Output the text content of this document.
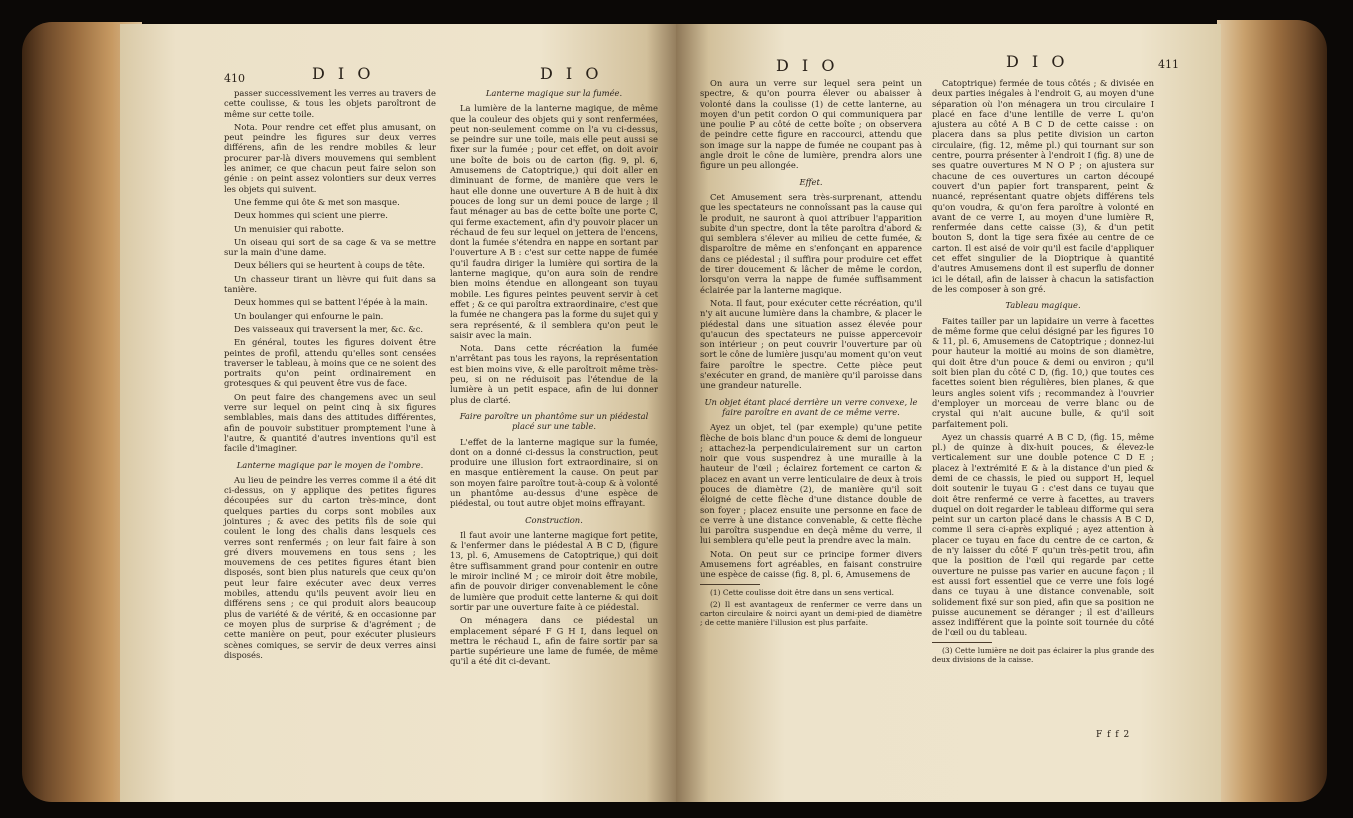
410	D I O	D I O

passer successivement les verres au travers de cette coulisse, & tous les objets paroîtront de même sur cette toile.

Nota. Pour rendre cet effet plus amusant, on peut peindre les figures sur deux verres différens, afin de les rendre mobiles & leur procurer par-là divers mouvemens qui semblent les animer, ce que chacun peut faire selon son génie : on peint assez volontiers sur deux verres les objets qui suivent.

Une femme qui ôte & met son masque.

Deux hommes qui scient une pierre.

Un menuisier qui rabotte.

Un oiseau qui sort de sa cage & va se mettre sur la main d'une dame.

Deux béliers qui se heurtent à coups de tête.

Un chasseur tirant un lièvre qui fuit dans sa tanière.

Deux hommes qui se battent l'épée à la main.

Un boulanger qui enfourne le pain.

Des vaisseaux qui traversent la mer, &c. &c.

En général, toutes les figures doivent être peintes de profil, attendu qu'elles sont censées traverser le tableau, à moins que ce ne soient des portraits qu'on peint ordinairement en grotesques & qui peuvent être vus de face.

On peut faire des changemens avec un seul verre sur lequel on peint cinq à six figures semblables, mais dans des attitudes différentes, afin de pouvoir substituer promptement l'une à l'autre, & quantité d'autres inventions qu'il est facile d'imaginer.

Lanterne magique par le moyen de l'ombre.

Au lieu de peindre les verres comme il a été dit ci-dessus, on y applique des petites figures découpées sur du carton très-mince, dont quelques parties du corps sont mobiles aux jointures ; & avec des petits fils de soie qui coulent le long des chalis dans lesquels ces verres sont renfermés ; on leur fait faire à son gré divers mouvemens en tous sens ; les mouvemens de ces petites figures étant bien disposés, sont bien plus naturels que ceux qu'on peut leur faire exécuter avec deux verres mobiles, attendu qu'ils peuvent avoir lieu en différens sens ; ce qui produit alors beaucoup plus de variété & de vérité, & en occasionne par ce moyen plus de surprise & d'agrément ; de cette manière on peut, pour exécuter plusieurs scènes comiques, se servir de deux verres ainsi disposés.

Lanterne magique sur la fumée.

La lumière de la lanterne magique, de même que la couleur des objets qui y sont renfermées, peut non-seulement comme on l'a vu ci-dessus, se peindre sur une toile, mais elle peut aussi se fixer sur la fumée ; pour cet effet, on doit avoir une boîte de bois ou de carton (fig. 9, pl. 6, Amusemens de Catoptrique,) qui doit aller en diminuant de forme, de manière que vers le haut elle donne une ouverture A B de huit à dix pouces de long sur un demi pouce de large ; il faut ménager au bas de cette boîte une porte C, qui ferme exactement, afin d'y pouvoir placer un réchaud de feu sur lequel on jettera de l'encens, dont la fumée s'étendra en nappe en sortant par l'ouverture A B : c'est sur cette nappe de fumée qu'il faudra diriger la lumière qui sortira de la lanterne magique, qu'on aura soin de rendre bien moins étendue en allongeant son tuyau mobile. Les figures peintes peuvent servir à cet effet ; & ce qui paroîtra extraordinaire, c'est que la fumée ne changera pas la forme du sujet qui y sera représenté, & il semblera qu'on peut le saisir avec la main.

Nota. Dans cette récréation la fumée n'arrêtant pas tous les rayons, la représentation est bien moins vive, & elle paroîtroit même très-peu, si on ne réduisoit pas l'étendue de la lumière à un petit espace, afin de lui donner plus de clarté.

Faire paroître un phantôme sur un piédestal placé sur une table.

L'effet de la lanterne magique sur la fumée, dont on a donné ci-dessus la construction, peut produire une illusion fort extraordinaire, si on en masque entièrement la cause. On peut par son moyen faire paroître tout-à-coup & à volonté un phantôme au-dessus d'une espèce de piédestal, ou tout autre objet moins effrayant.

Construction.

Il faut avoir une lanterne magique fort petite, & l'enfermer dans le piédestal A B C D, (figure 13, pl. 6, Amusemens de Catoptrique,) qui doit être suffisamment grand pour contenir en outre le miroir incliné M ; ce miroir doit être mobile, afin de pouvoir diriger convenablement le cône de lumière que produit cette lanterne & qui doit sortir par une ouverture faite à ce piédestal.

On ménagera dans ce piédestal un emplacement séparé F G H I, dans lequel on mettra le réchaud L, afin de faire sortir par sa partie supérieure une lame de fumée, de même qu'il a été dit ci-devant.

D I O	D I O	411

On aura un verre sur lequel sera peint un spectre, & qu'on pourra élever ou abaisser à volonté dans la coulisse (1) de cette lanterne, au moyen d'un petit cordon O qui communiquera par une poulie P au côté de cette boîte ; on observera de peindre cette figure en raccourci, attendu que son image sur la nappe de fumée ne coupant pas à angle droit le cône de lumière, prendra alors une figure un peu allongée.

Effet.

Cet Amusement sera très-surprenant, attendu que les spectateurs ne connoîssant pas la cause qui le produit, ne sauront à quoi attribuer l'apparition subite d'un spectre, dont la tête paroîtra d'abord & qui semblera s'élever au milieu de cette fumée, & disparoître de même en s'enfonçant en apparence dans ce piédestal ; il suffira pour produire cet effet de tirer doucement & lâcher de même le cordon, lorsqu'on verra la nappe de fumée suffisamment éclairée par la lanterne magique.

Nota. Il faut, pour exécuter cette récréation, qu'il n'y ait aucune lumière dans la chambre, & placer le piédestal dans une situation assez élevée pour qu'aucun des spectateurs ne puisse appercevoir son intérieur ; on peut couvrir l'ouverture par où sort le cône de lumière jusqu'au moment qu'on veut faire paroître le spectre. Cette pièce peut s'exécuter en grand, de manière qu'il paroisse dans une grandeur naturelle.

Un objet étant placé derrière un verre convexe, le faire paroître en avant de ce même verre.

Ayez un objet, tel (par exemple) qu'une petite flèche de bois blanc d'un pouce & demi de longueur ; attachez-la perpendiculairement sur un carton noir que vous suspendrez à une muraille à la hauteur de l'œil ; éclairez fortement ce carton & placez en avant un verre lenticulaire de deux à trois pouces de diamètre (2), de manière qu'il soit éloigné de cette flèche d'une distance double de son foyer ; placez ensuite une personne en face de ce verre à une distance convenable, & cette flèche lui paroîtra suspendue en deçà même du verre, il lui semblera qu'elle peut la prendre avec la main.

Nota. On peut sur ce principe former divers Amusemens fort agréables, en faisant construire une espèce de caisse (fig. 8, pl. 6, Amusemens de

(1) Cette coulisse doit être dans un sens vertical.

(2) Il est avantageux de renfermer ce verre dans un carton circulaire & noirci ayant un demi-pied de diamètre ; de cette manière l'illusion est plus parfaite.

Catoptrique) fermée de tous côtés ; & divisée en deux parties inégales à l'endroit G, au moyen d'une séparation où l'on ménagera un trou circulaire I placé en face d'une lentille de verre L qu'on ajustera au côté A B C D de cette caisse : on placera dans sa plus petite division un carton circulaire, (fig. 12, même pl.) qui tournant sur son centre, pourra présenter à l'endroit I (fig. 8) une de ses quatre ouvertures M N O P ; on ajustera sur chacune de ces ouvertures un carton découpé couvert d'un papier fort transparent, peint & nuancé, représentant quatre objets différens tels qu'on voudra, & qu'on fera paroître à volonté en avant de ce verre I, au moyen d'une lumière R, renfermée dans cette caisse (3), & d'un petit bouton S, dont la tige sera fixée au centre de ce carton. Il est aisé de voir qu'il est facile d'appliquer cet effet singulier de la Dioptrique à quantité d'autres Amusemens dont il est superflu de donner ici le détail, afin de laisser à chacun la satisfaction de les composer à son gré.

Tableau magique.

Faites tailler par un lapidaire un verre à facettes de même forme que celui désigné par les figures 10 & 11, pl. 6, Amusemens de Catoptrique ; donnez-lui pour hauteur la moitié au moins de son diamètre, qui doit être d'un pouce & demi ou environ ; qu'il soit bien plan du côté C D, (fig. 10,) que toutes ces facettes soient bien régulières, bien planes, & que leurs angles soient vifs ; recommandez à l'ouvrier d'employer un morceau de verre blanc ou de crystal qui n'ait aucune bulle, & qu'il soit parfaitement poli.

Ayez un chassis quarré A B C D, (fig. 15, même pl.) de quinze à dix-huit pouces, & élevez-le verticalement sur une double potence C D E ; placez à l'extrémité E & à la distance d'un pied & demi de ce chassis, le pied ou support H, lequel doit soutenir le tuyau G : c'est dans ce tuyau que doit être renfermé ce verre à facettes, au travers duquel on doit regarder le tableau difforme qui sera peint sur un carton placé dans le chassis A B C D, comme il sera ci-après expliqué ; ayez attention à placer ce tuyau en face du centre de ce carton, & de n'y laisser du côté F qu'un très-petit trou, afin que la position de l'œil qui regarde par cette ouverture ne puisse pas varier en aucune façon ; il est aussi fort essentiel que ce verre une fois logé dans ce tuyau à une distance convenable, soit solidement fixé sur son pied, afin que sa position ne puisse aucunement se déranger ; il est d'ailleurs assez indifférent que la pointe soit tournée du côté de l'œil ou du tableau.

(3) Cette lumière ne doit pas éclairer la plus grande des deux divisions de la caisse.

F f f 2
